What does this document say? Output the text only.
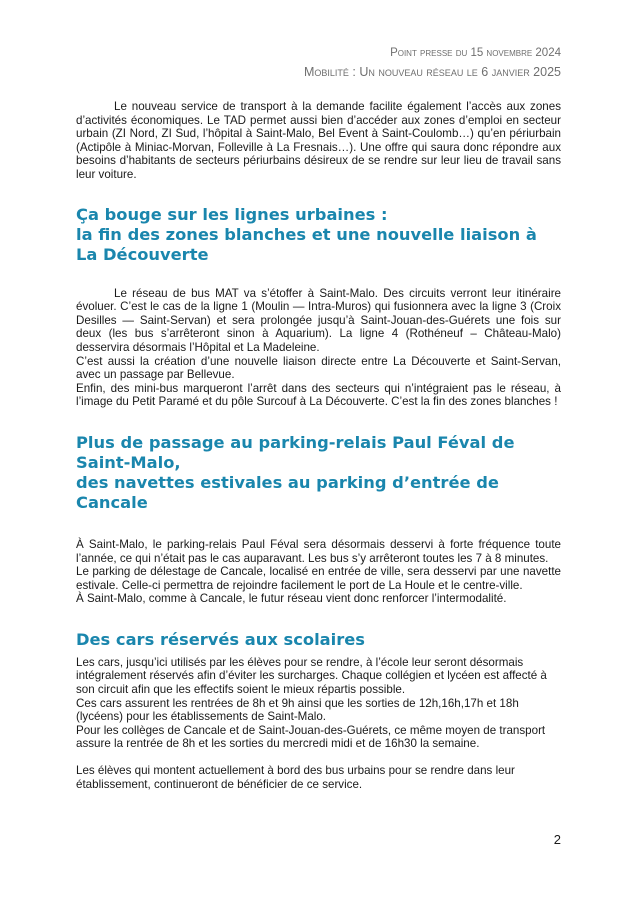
Point presse du 15 novembre 2024
Mobilité : Un nouveau réseau le 6 janvier 2025

Le nouveau service de transport à la demande facilite également l’accès aux zones d’activités économiques. Le TAD permet aussi bien d’accéder aux zones d’emploi en secteur urbain (ZI Nord, ZI Sud, l’hôpital à Saint-Malo, Bel Event à Saint-Coulomb…) qu’en périurbain (Actipôle à Miniac-Morvan, Folleville à La Fresnais…). Une offre qui saura donc répondre aux besoins d’habitants de secteurs périurbains désireux de se rendre sur leur lieu de travail sans leur voiture.

Ça bouge sur les lignes urbaines :
la fin des zones blanches et une nouvelle liaison à La Découverte

Le réseau de bus MAT va s’étoffer à Saint-Malo. Des circuits verront leur itinéraire évoluer. C’est le cas de la ligne 1 (Moulin — Intra-Muros) qui fusionnera avec la ligne 3 (Croix Desilles — Saint-Servan) et sera prolongée jusqu’à Saint-Jouan-des-Guérets une fois sur deux (les bus s’arrêteront sinon à Aquarium). La ligne 4 (Rothéneuf – Château-Malo) desservira désormais l’Hôpital et La Madeleine.

C’est aussi la création d’une nouvelle liaison directe entre La Découverte et Saint-Servan, avec un passage par Bellevue.

Enfin, des mini-bus marqueront l’arrêt dans des secteurs qui n’intégraient pas le réseau, à l’image du Petit Paramé et du pôle Surcouf à La Découverte. C’est la fin des zones blanches !

Plus de passage au parking-relais Paul Féval de Saint-Malo,
des navettes estivales au parking d’entrée de Cancale

À Saint-Malo, le parking-relais Paul Féval sera désormais desservi à forte fréquence toute l’année, ce qui n’était pas le cas auparavant. Les bus s’y arrêteront toutes les 7 à 8 minutes.

Le parking de délestage de Cancale, localisé en entrée de ville, sera desservi par une navette estivale. Celle-ci permettra de rejoindre facilement le port de La Houle et le centre-ville.

À Saint-Malo, comme à Cancale, le futur réseau vient donc renforcer l’intermodalité.

Des cars réservés aux scolaires

Les cars, jusqu’ici utilisés par les élèves pour se rendre, à l’école leur seront désormais intégralement réservés afin d’éviter les surcharges. Chaque collégien et lycéen est affecté à son circuit afin que les effectifs soient le mieux répartis possible.

Ces cars assurent les rentrées de 8h et 9h ainsi que les sorties de 12h,16h,17h et 18h (lycéens) pour les établissements de Saint-Malo.

Pour les collèges de Cancale et de Saint-Jouan-des-Guérets, ce même moyen de transport assure la rentrée de 8h et les sorties du mercredi midi et de 16h30 la semaine.

Les élèves qui montent actuellement à bord des bus urbains pour se rendre dans leur établissement, continueront de bénéficier de ce service.

2
